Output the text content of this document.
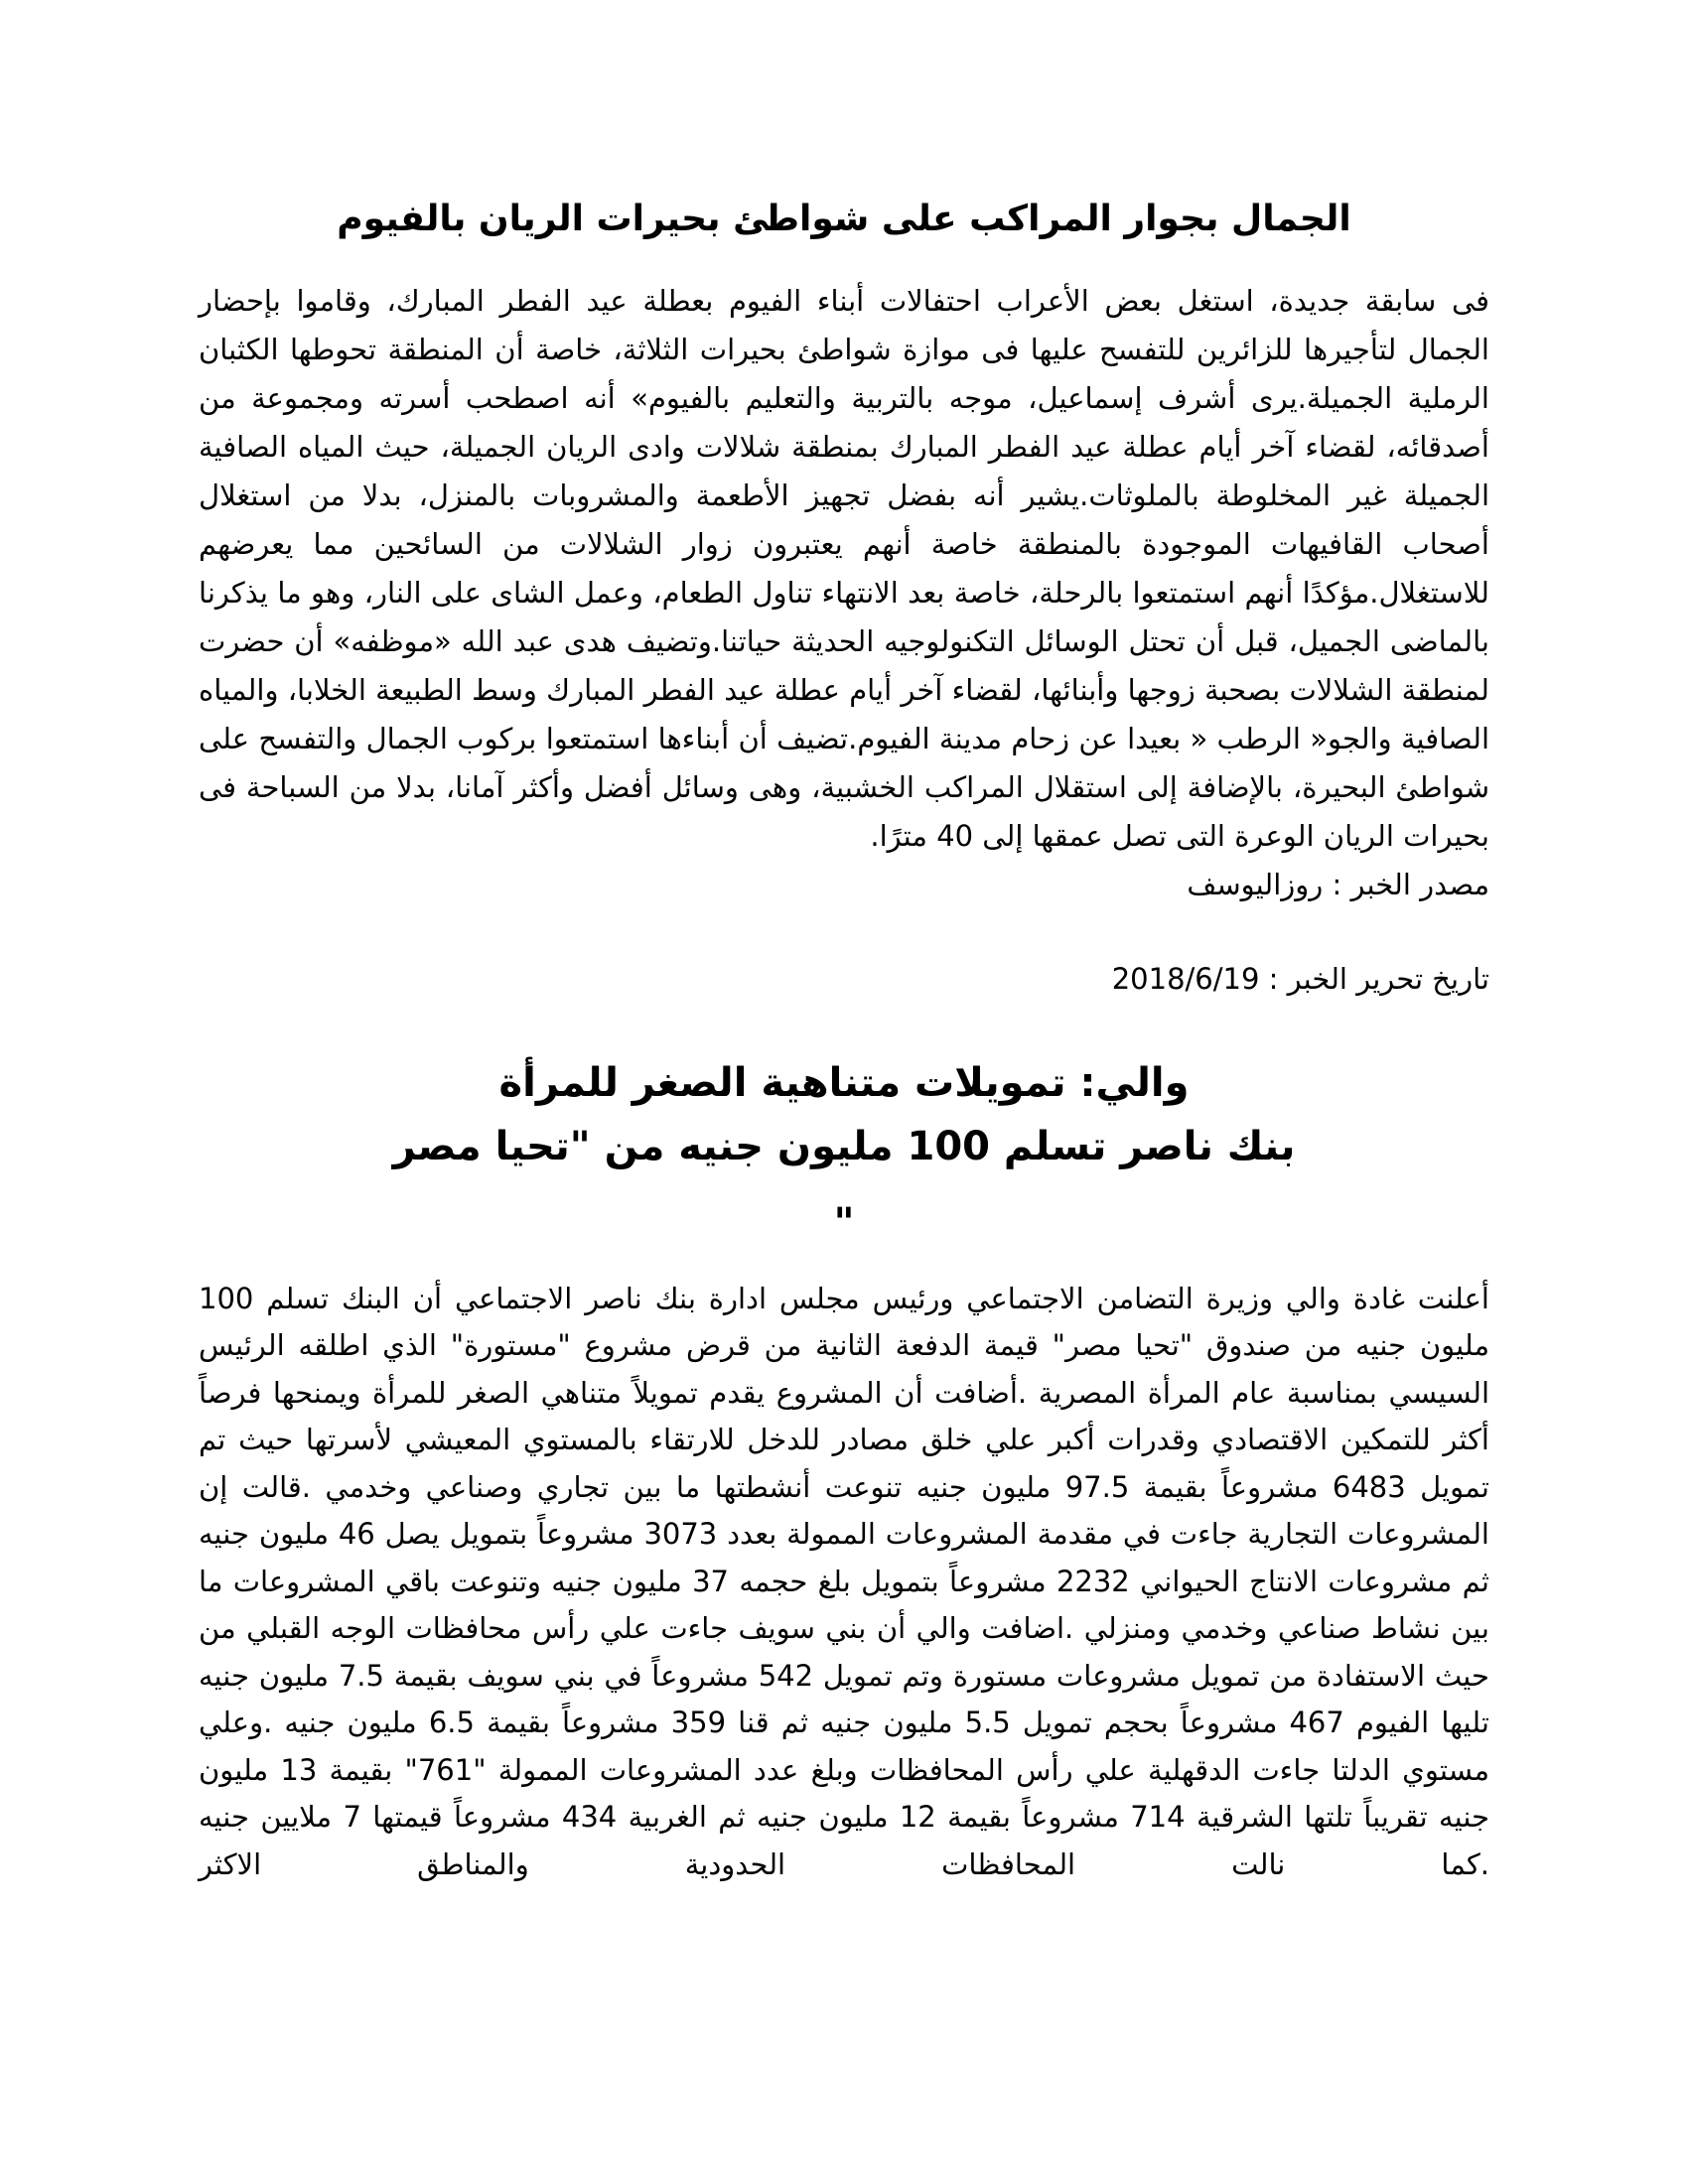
الجمال بجوار المراكب على شواطئ بحيرات الريان بالفيوم

فى سابقة جديدة، استغل بعض الأعراب احتفالات أبناء الفيوم بعطلة عيد الفطر المبارك، وقاموا بإحضار الجمال لتأجيرها للزائرين للتفسح عليها فى موازة شواطئ بحيرات الثلاثة، خاصة أن المنطقة تحوطها الكثبان الرملية الجميلة.يرى أشرف إسماعيل، موجه بالتربية والتعليم بالفيوم» أنه اصطحب أسرته ومجموعة من أصدقائه، لقضاء آخر أيام عطلة عيد الفطر المبارك بمنطقة شلالات وادى الريان الجميلة، حيث المياه الصافية الجميلة غير المخلوطة بالملوثات.يشير أنه بفضل تجهيز الأطعمة والمشروبات بالمنزل، بدلا من استغلال أصحاب القافيهات الموجودة بالمنطقة خاصة أنهم يعتبرون زوار الشلالات من السائحين مما يعرضهم للاستغلال.مؤكدًا أنهم استمتعوا بالرحلة، خاصة بعد الانتهاء تناول الطعام، وعمل الشاى على النار، وهو ما يذكرنا بالماضى الجميل، قبل أن تحتل الوسائل التكنولوجيه الحديثة حياتنا.وتضيف هدى عبد الله «موظفه» أن حضرت لمنطقة الشلالات بصحبة زوجها وأبنائها، لقضاء آخر أيام عطلة عيد الفطر المبارك وسط الطبيعة الخلابا، والمياه الصافية والجو« الرطب « بعيدا عن زحام مدينة الفيوم.تضيف أن أبناءها استمتعوا بركوب الجمال والتفسح على شواطئ البحيرة، بالإضافة إلى استقلال المراكب الخشبية، وهى وسائل أفضل وأكثر آمانا، بدلا من السباحة فى بحيرات الريان الوعرة التى تصل عمقها إلى 40 مترًا.

مصدر الخبر : روزاليوسف

تاريخ تحرير الخبر : 2018/6/19

والي: تمويلات متناهية الصغر للمرأة
بنك ناصر تسلم 100 مليون جنيه من "تحيا مصر
"

أعلنت غادة والي وزيرة التضامن الاجتماعي ورئيس مجلس ادارة بنك ناصر الاجتماعي أن البنك تسلم 100 مليون جنيه من صندوق "تحيا مصر" قيمة الدفعة الثانية من قرض مشروع "مستورة" الذي اطلقه الرئيس السيسي بمناسبة عام المرأة المصرية .أضافت أن المشروع يقدم تمويلاً متناهي الصغر للمرأة ويمنحها فرصاً أكثر للتمكين الاقتصادي وقدرات أكبر علي خلق مصادر للدخل للارتقاء بالمستوي المعيشي لأسرتها حيث تم تمويل 6483 مشروعاً بقيمة 97.5 مليون جنيه تنوعت أنشطتها ما بين تجاري وصناعي وخدمي .قالت إن المشروعات التجارية جاءت في مقدمة المشروعات الممولة بعدد 3073 مشروعاً بتمويل يصل 46 مليون جنيه ثم مشروعات الانتاج الحيواني 2232 مشروعاً بتمويل بلغ حجمه 37 مليون جنيه وتنوعت باقي المشروعات ما بين نشاط صناعي وخدمي ومنزلي .اضافت والي أن بني سويف جاءت علي رأس محافظات الوجه القبلي من حيث الاستفادة من تمويل مشروعات مستورة وتم تمويل 542 مشروعاً في بني سويف بقيمة 7.5 مليون جنيه تليها الفيوم 467 مشروعاً بحجم تمويل 5.5 مليون جنيه ثم قنا 359 مشروعاً بقيمة 6.5 مليون جنيه .وعلي مستوي الدلتا جاءت الدقهلية علي رأس المحافظات وبلغ عدد المشروعات الممولة "761" بقيمة 13 مليون جنيه تقريباً تلتها الشرقية 714 مشروعاً بقيمة 12 مليون جنيه ثم الغربية 434 مشروعاً قيمتها 7 ملايين جنيه .كما نالت المحافظات الحدودية والمناطق الاكثر
